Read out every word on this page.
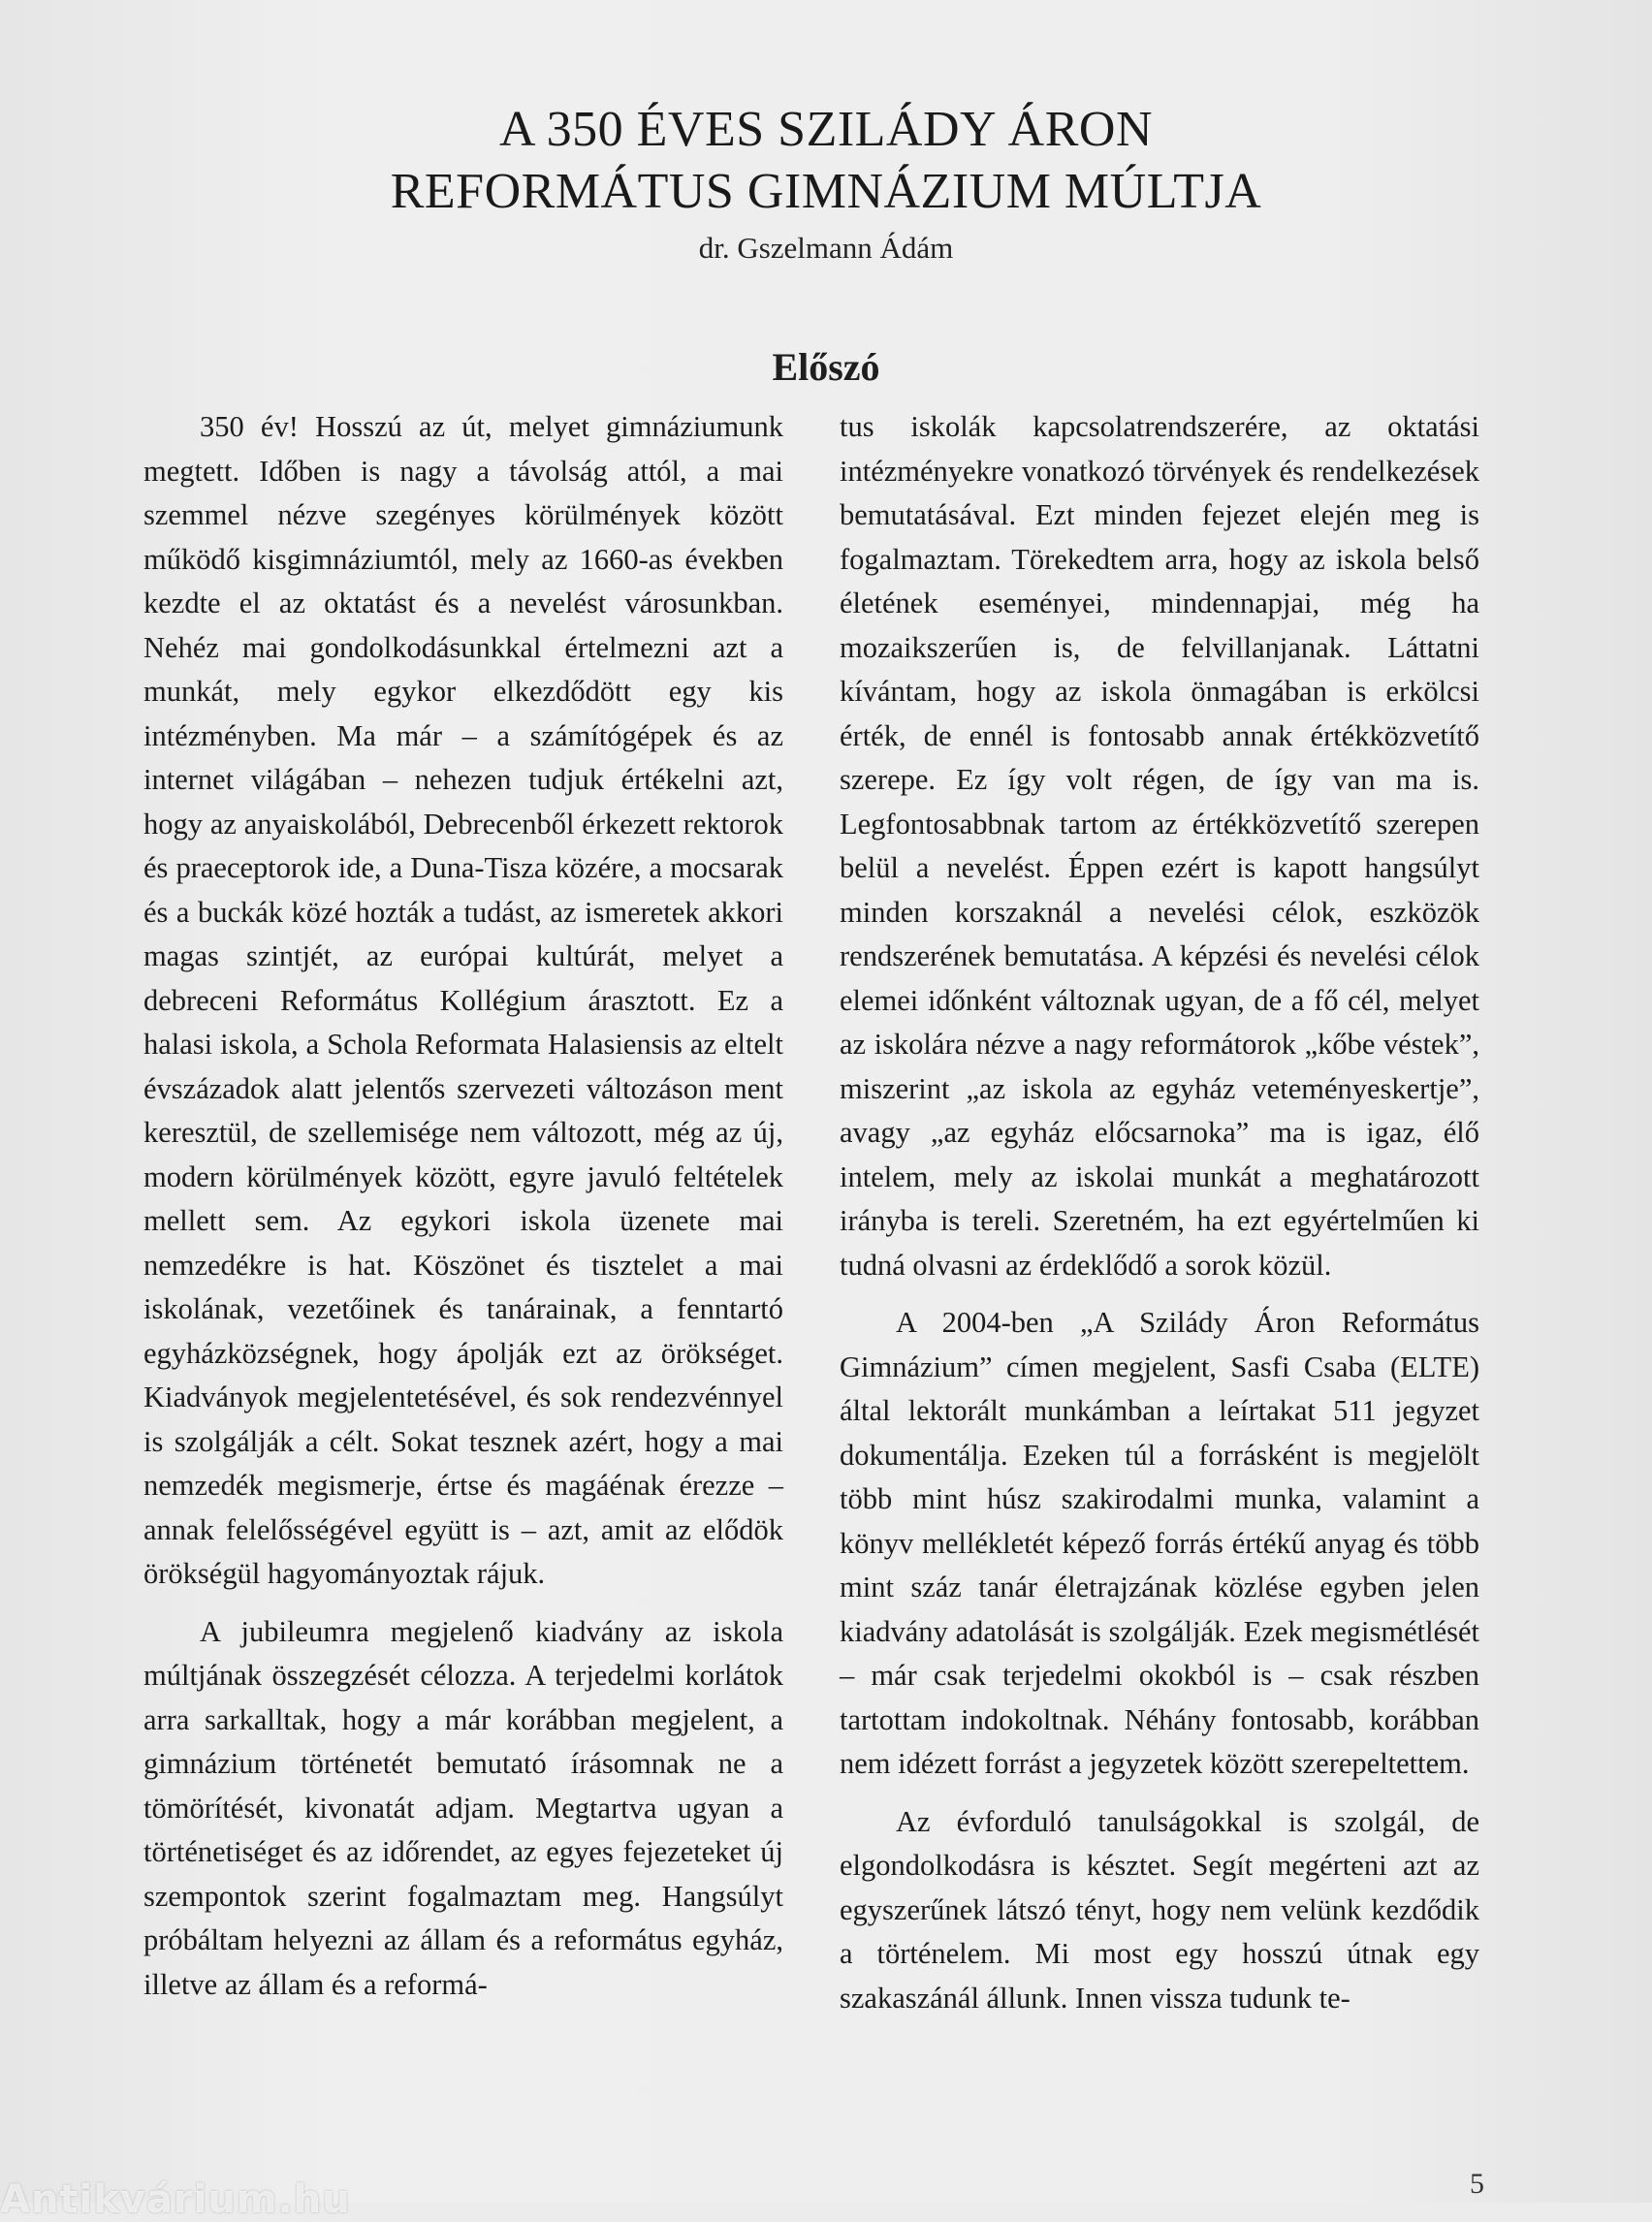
A 350 ÉVES SZILÁDY ÁRON
REFORMÁTUS GIMNÁZIUM MÚLTJA
dr. Gszelmann Ádám
Előszó

350 év! Hosszú az út, melyet gimnáziumunk megtett. Időben is nagy a távolság attól, a mai szemmel nézve szegényes körülmények között működő kisgimnáziumtól, mely az 1660-as években kezdte el az oktatást és a nevelést városunkban. Nehéz mai gondolkodásunkkal értelmezni azt a munkát, mely egykor elkezdődött egy kis intézményben. Ma már – a számítógépek és az internet világában – nehezen tudjuk értékelni azt, hogy az anyaiskolából, Debrecenből érkezett rektorok és praeceptorok ide, a Duna-Tisza közére, a mocsarak és a buckák közé hozták a tudást, az ismeretek akkori magas szintjét, az európai kultúrát, melyet a debreceni Református Kollégium árasztott. Ez a halasi iskola, a Schola Reformata Halasiensis az eltelt évszázadok alatt jelentős szervezeti változáson ment keresztül, de szellemisége nem változott, még az új, modern körülmények között, egyre javuló feltételek mellett sem. Az egykori iskola üzenete mai nemzedékre is hat. Köszönet és tisztelet a mai iskolának, vezetőinek és tanárainak, a fenntartó egyházközségnek, hogy ápolják ezt az örökséget. Kiadványok megjelentetésével, és sok rendezvénnyel is szolgálják a célt. Sokat tesznek azért, hogy a mai nemzedék megismerje, értse és magáénak érezze – annak felelősségével együtt is – azt, amit az elődök örökségül hagyományoztak rájuk.

A jubileumra megjelenő kiadvány az iskola múltjának összegzését célozza. A terjedelmi korlátok arra sarkalltak, hogy a már korábban megjelent, a gimnázium történetét bemutató írásomnak ne a tömörítését, kivonatát adjam. Megtartva ugyan a történetiséget és az időrendet, az egyes fejezeteket új szempontok szerint fogalmaztam meg. Hangsúlyt próbáltam helyezni az állam és a református egyház, illetve az állam és a reformá-

tus iskolák kapcsolatrendszerére, az oktatási intézményekre vonatkozó törvények és rendelkezések bemutatásával. Ezt minden fejezet elején meg is fogalmaztam. Törekedtem arra, hogy az iskola belső életének eseményei, mindennapjai, még ha mozaikszerűen is, de felvillanjanak. Láttatni kívántam, hogy az iskola önmagában is erkölcsi érték, de ennél is fontosabb annak értékközvetítő szerepe. Ez így volt régen, de így van ma is. Legfontosabbnak tartom az értékközvetítő szerepen belül a nevelést. Éppen ezért is kapott hangsúlyt minden korszaknál a nevelési célok, eszközök rendszerének bemutatása. A képzési és nevelési célok elemei időnként változnak ugyan, de a fő cél, melyet az iskolára nézve a nagy reformátorok „kőbe véstek”, miszerint „az iskola az egyház veteményeskertje”, avagy „az egyház előcsarnoka” ma is igaz, élő intelem, mely az iskolai munkát a meghatározott irányba is tereli. Szeretném, ha ezt egyértelműen ki tudná olvasni az érdeklődő a sorok közül.

A 2004-ben „A Szilády Áron Református Gimnázium” címen megjelent, Sasfi Csaba (ELTE) által lektorált munkámban a leírtakat 511 jegyzet dokumentálja. Ezeken túl a forrásként is megjelölt több mint húsz szakirodalmi munka, valamint a könyv mellékletét képező forrás értékű anyag és több mint száz tanár életrajzának közlése egyben jelen kiadvány adatolását is szolgálják. Ezek megismétlését – már csak terjedelmi okokból is – csak részben tartottam indokoltnak. Néhány fontosabb, korábban nem idézett forrást a jegyzetek között szerepeltettem.

Az évforduló tanulságokkal is szolgál, de elgondolkodásra is késztet. Segít megérteni azt az egyszerűnek látszó tényt, hogy nem velünk kezdődik a történelem. Mi most egy hosszú útnak egy szakaszánál állunk. Innen vissza tudunk te-

5
Antikvárium.hu
